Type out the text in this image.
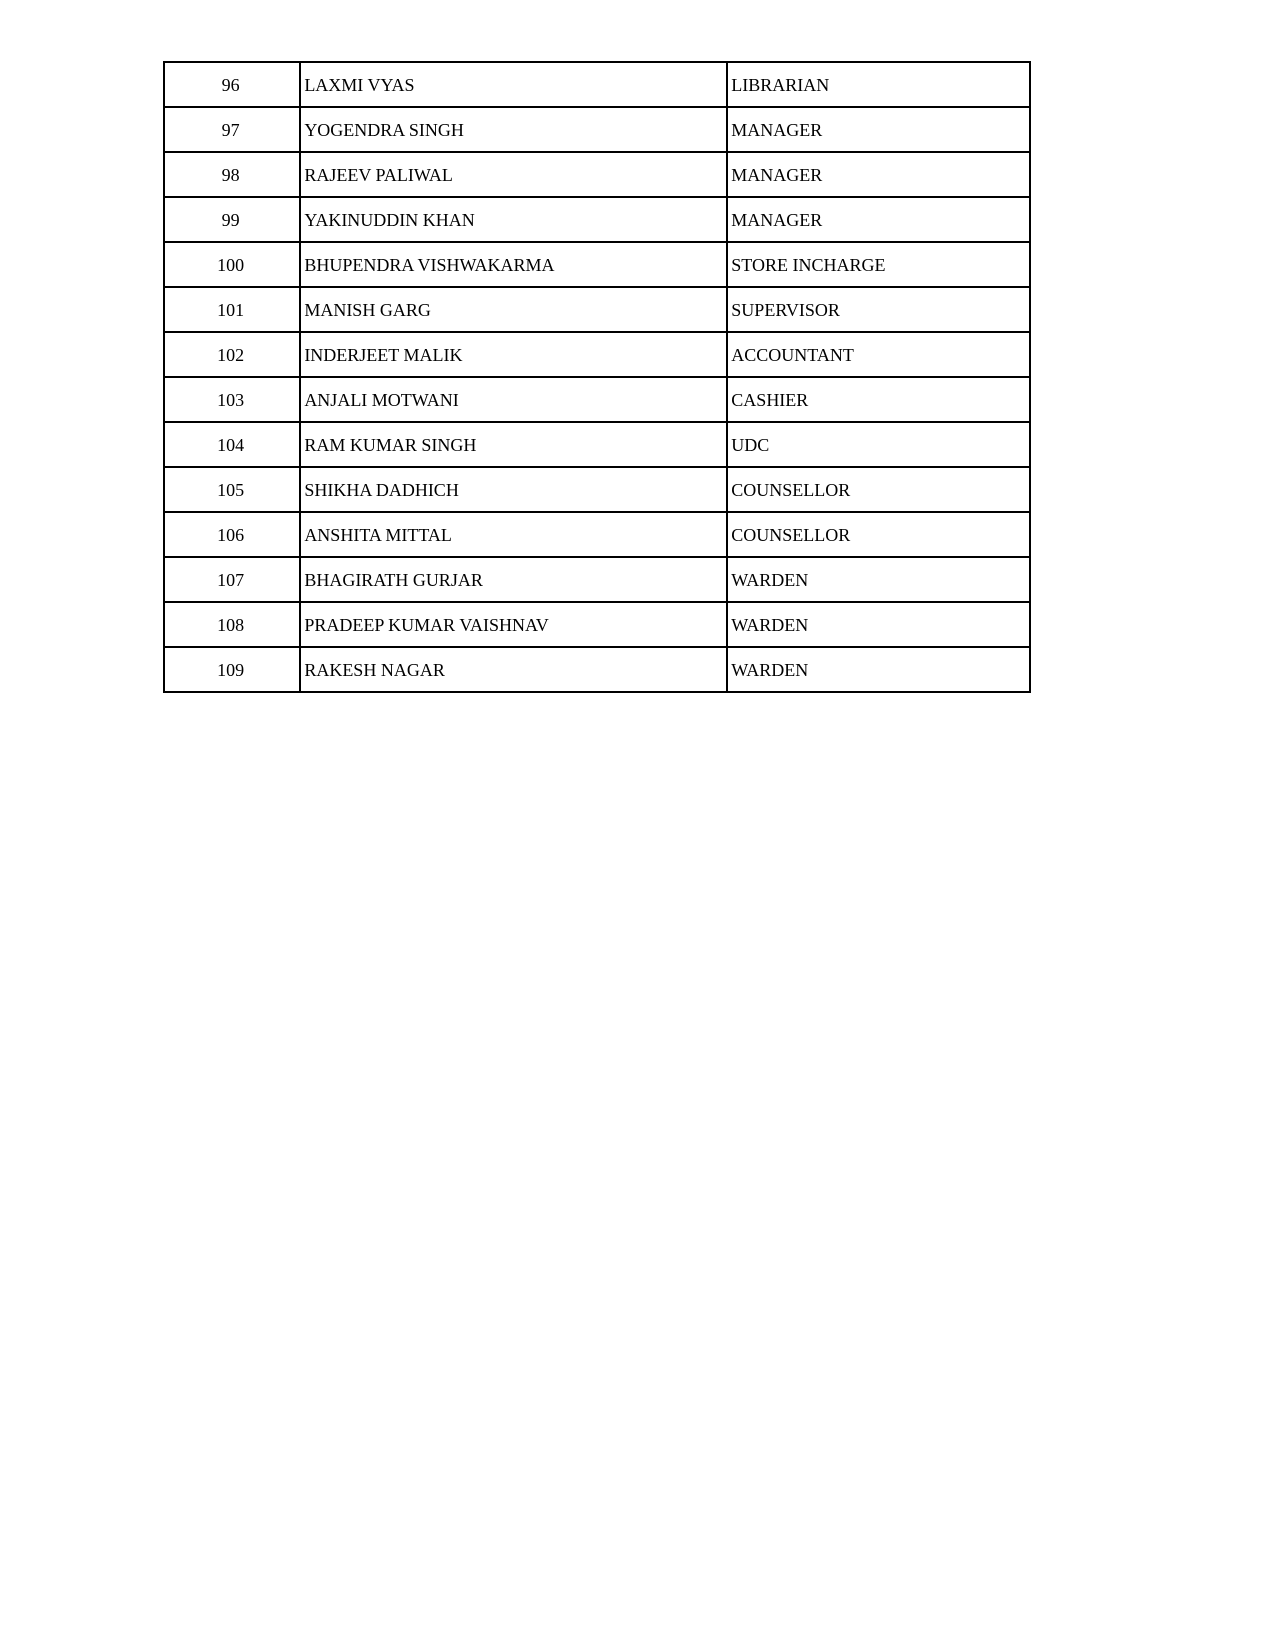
96	LAXMI VYAS	LIBRARIAN
97	YOGENDRA SINGH	MANAGER
98	RAJEEV PALIWAL	MANAGER
99	YAKINUDDIN KHAN	MANAGER
100	BHUPENDRA VISHWAKARMA	STORE INCHARGE
101	MANISH GARG	SUPERVISOR
102	INDERJEET MALIK	ACCOUNTANT
103	ANJALI MOTWANI	CASHIER
104	RAM KUMAR SINGH	UDC
105	SHIKHA DADHICH	COUNSELLOR
106	ANSHITA MITTAL	COUNSELLOR
107	BHAGIRATH GURJAR	WARDEN
108	PRADEEP KUMAR VAISHNAV	WARDEN
109	RAKESH NAGAR	WARDEN
